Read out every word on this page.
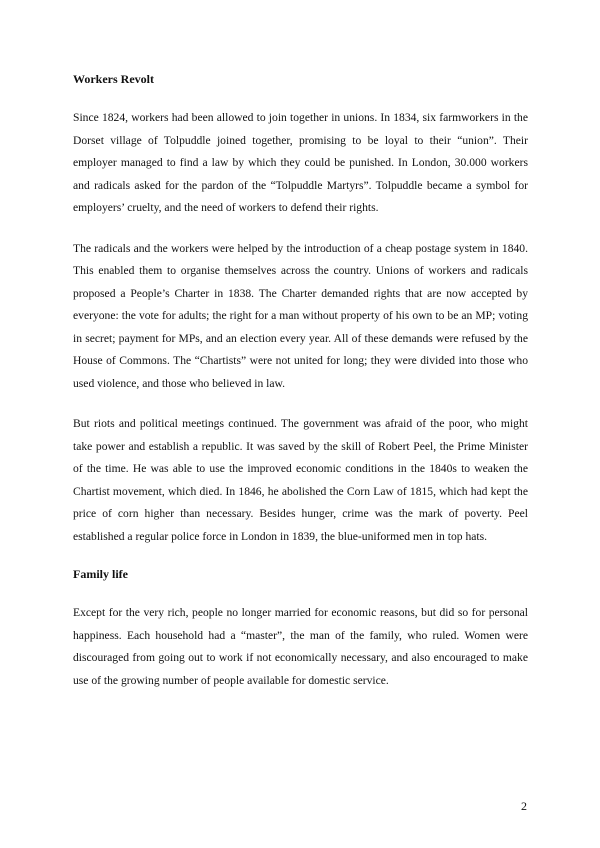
Workers Revolt

Since 1824, workers had been allowed to join together in unions. In 1834, six farmworkers in the Dorset village of Tolpuddle joined together, promising to be loyal to their “union”. Their employer managed to find a law by which they could be punished. In London, 30.000 workers and radicals asked for the pardon of the “Tolpuddle Martyrs”. Tolpuddle became a symbol for employers’ cruelty, and the need of workers to defend their rights.

The radicals and the workers were helped by the introduction of a cheap postage system in 1840. This enabled them to organise themselves across the country. Unions of workers and radicals proposed a People’s Charter in 1838. The Charter demanded rights that are now accepted by everyone: the vote for adults; the right for a man without property of his own to be an MP; voting in secret; payment for MPs, and an election every year. All of these demands were refused by the House of Commons. The “Chartists” were not united for long; they were divided into those who used violence, and those who believed in law.

But riots and political meetings continued. The government was afraid of the poor, who might take power and establish a republic. It was saved by the skill of Robert Peel, the Prime Minister of the time. He was able to use the improved economic conditions in the 1840s to weaken the Chartist movement, which died. In 1846, he abolished the Corn Law of 1815, which had kept the price of corn higher than necessary. Besides hunger, crime was the mark of poverty. Peel established a regular police force in London in 1839, the blue-uniformed men in top hats.

Family life

Except for the very rich, people no longer married for economic reasons, but did so for personal happiness. Each household had a “master”, the man of the family, who ruled. Women were discouraged from going out to work if not economically necessary, and also encouraged to make use of the growing number of people available for domestic service.

2
